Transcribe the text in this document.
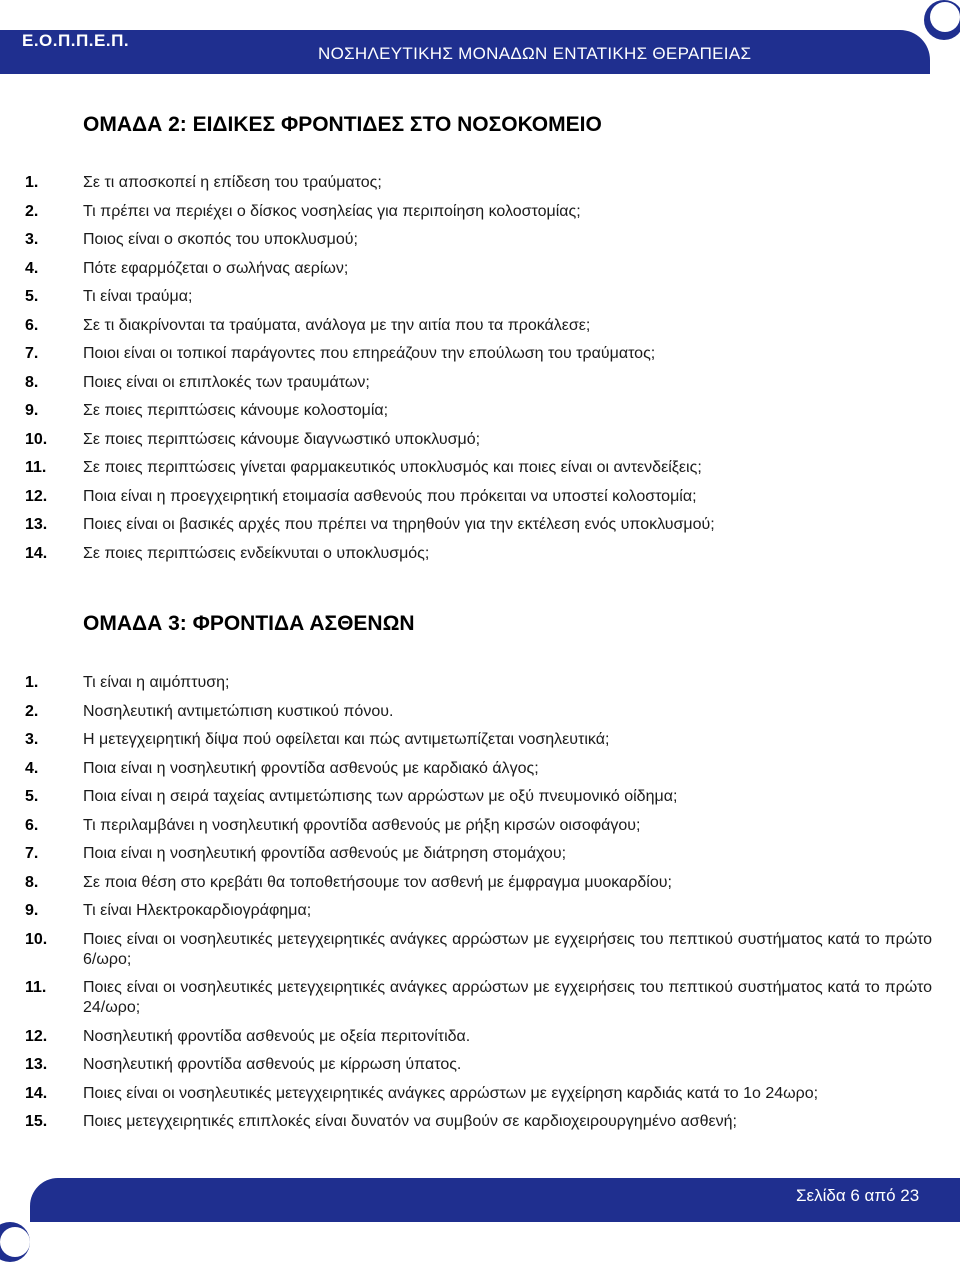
Ε.Ο.Π.Π.Ε.Π.
ΝΟΣΗΛΕΥΤΙΚΗΣ ΜΟΝΑΔΩΝ ΕΝΤΑΤΙΚΗΣ ΘΕΡΑΠΕΙΑΣ
ΟΜΑΔΑ 2: ΕΙΔΙΚΕΣ ΦΡΟΝΤΙΔΕΣ ΣΤΟ ΝΟΣΟΚΟΜΕΙΟ
1.	Σε τι αποσκοπεί η επίδεση του τραύματος;
2.	Τι πρέπει να περιέχει ο δίσκος νοσηλείας για περιποίηση κολοστομίας;
3.	Ποιος είναι ο σκοπός του υποκλυσμού;
4.	Πότε εφαρμόζεται ο σωλήνας αερίων;
5.	Τι είναι τραύμα;
6.	Σε τι διακρίνονται τα τραύματα, ανάλογα με την αιτία που τα προκάλεσε;
7.	Ποιοι είναι οι τοπικοί παράγοντες που επηρεάζουν την επούλωση του τραύματος;
8.	Ποιες είναι οι επιπλοκές των τραυμάτων;
9.	Σε ποιες περιπτώσεις κάνουμε κολοστομία;
10. Σε ποιες περιπτώσεις κάνουμε διαγνωστικό υποκλυσμό;
11. Σε ποιες περιπτώσεις γίνεται φαρμακευτικός υποκλυσμός και ποιες είναι οι αντενδείξεις;
12. Ποια είναι η προεγχειρητική ετοιμασία ασθενούς που πρόκειται να υποστεί κολοστομία;
13. Ποιες είναι οι βασικές αρχές που πρέπει να τηρηθούν για την εκτέλεση ενός υποκλυσμού;
14. Σε ποιες περιπτώσεις ενδείκνυται ο υποκλυσμός;
ΟΜΑΔΑ 3: ΦΡΟΝΤΙΔΑ ΑΣΘΕΝΩΝ
1.	Τι είναι η αιμόπτυση;
2.	Νοσηλευτική αντιμετώπιση κυστικού πόνου.
3.	Η μετεγχειρητική δίψα πού οφείλεται και πώς αντιμετωπίζεται νοσηλευτικά;
4.	Ποια είναι η νοσηλευτική φροντίδα ασθενούς με καρδιακό άλγος;
5.	Ποια είναι η σειρά ταχείας αντιμετώπισης των αρρώστων με οξύ πνευμονικό οίδημα;
6.	Τι περιλαμβάνει η νοσηλευτική φροντίδα ασθενούς με ρήξη κιρσών οισοφάγου;
7.	Ποια είναι η νοσηλευτική φροντίδα ασθενούς με διάτρηση στομάχου;
8.	Σε ποια θέση στο κρεβάτι θα τοποθετήσουμε τον ασθενή με έμφραγμα μυοκαρδίου;
9.	Τι είναι Ηλεκτροκαρδιογράφημα;
10. Ποιες είναι οι νοσηλευτικές μετεγχειρητικές ανάγκες αρρώστων με εγχειρήσεις του πεπτικού συστήματος κατά το πρώτο 6/ωρο;
11. Ποιες είναι οι νοσηλευτικές μετεγχειρητικές ανάγκες αρρώστων με εγχειρήσεις του πεπτικού συστήματος κατά το πρώτο 24/ωρο;
12. Νοσηλευτική φροντίδα ασθενούς με οξεία περιτονίτιδα.
13. Νοσηλευτική φροντίδα ασθενούς με κίρρωση ύπατος.
14. Ποιες είναι οι νοσηλευτικές μετεγχειρητικές ανάγκες αρρώστων με εγχείρηση καρδιάς κατά το 1ο 24ωρο;
15. Ποιες μετεγχειρητικές επιπλοκές είναι δυνατόν να συμβούν σε καρδιοχειρουργημένο ασθενή;
Σελίδα 6 από 23
